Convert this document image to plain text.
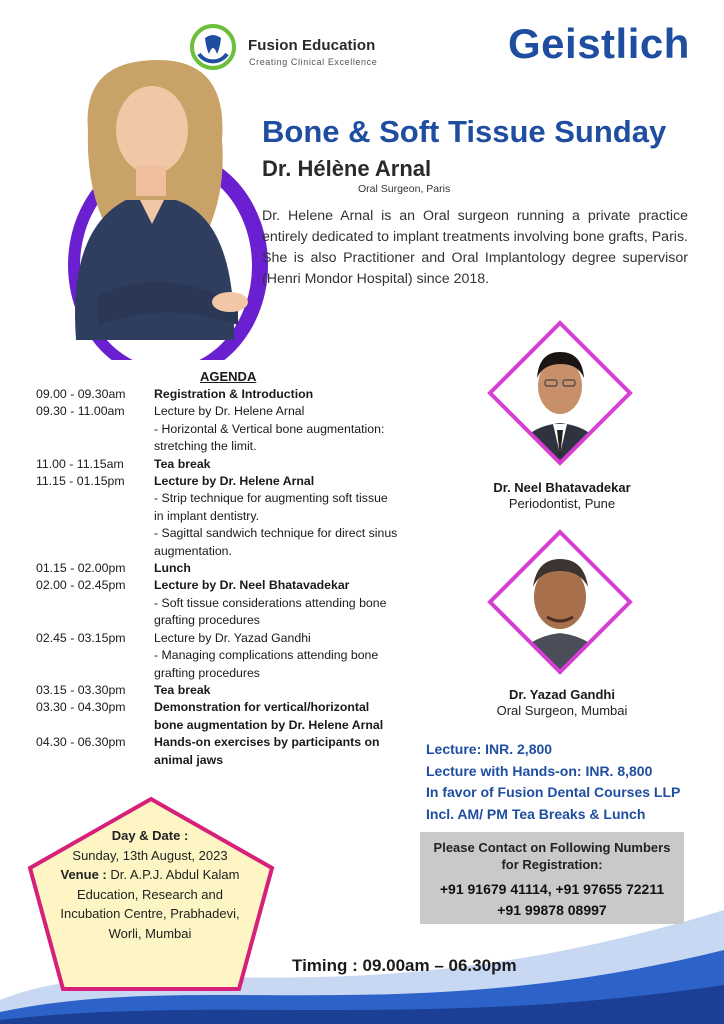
Fusion Education
Creating Clinical Excellence	Geistlich
Bone & Soft Tissue Sunday
Dr. Hélène Arnal
Oral Surgeon, Paris
Dr. Helene Arnal is an Oral surgeon running a private practice entirely dedicated to implant treatments involving bone grafts, Paris. She is also Practitioner and Oral Implantology degree supervisor (Henri Mondor Hospital) since 2018.
AGENDA
09.00 - 09.30am	Registration & Introduction
09.30 - 11.00am	Lecture by Dr. Helene Arnal
- Horizontal & Vertical bone augmentation:
stretching the limit.
11.00 - 11.15am	Tea break
11.15 - 01.15pm	Lecture by Dr. Helene Arnal
- Strip technique for augmenting soft tissue
in implant dentistry.
- Sagittal sandwich technique for direct sinus
augmentation.
01.15 - 02.00pm	Lunch
02.00 - 02.45pm	Lecture by Dr. Neel Bhatavadekar
- Soft tissue considerations attending bone
grafting procedures
02.45 - 03.15pm	Lecture by Dr. Yazad Gandhi
- Managing complications attending bone
grafting procedures
03.15 - 03.30pm	Tea break
03.30 - 04.30pm	Demonstration for vertical/horizontal
bone augmentation by Dr. Helene Arnal
04.30 - 06.30pm	Hands-on exercises by participants on
animal jaws
Dr. Neel Bhatavadekar
Periodontist, Pune
Dr. Yazad Gandhi
Oral Surgeon, Mumbai
Lecture: INR. 2,800
Lecture with Hands-on: INR. 8,800
In favor of Fusion Dental Courses LLP
Incl. AM/ PM Tea Breaks & Lunch
Please Contact on Following Numbers for Registration:
+91 91679 41114, +91 97655 72211
+91 99878 08997
Day & Date :
Sunday, 13th August, 2023
Venue : Dr. A.P.J. Abdul Kalam Education, Research and Incubation Centre, Prabhadevi, Worli, Mumbai
Timing : 09.00am – 06.30pm
